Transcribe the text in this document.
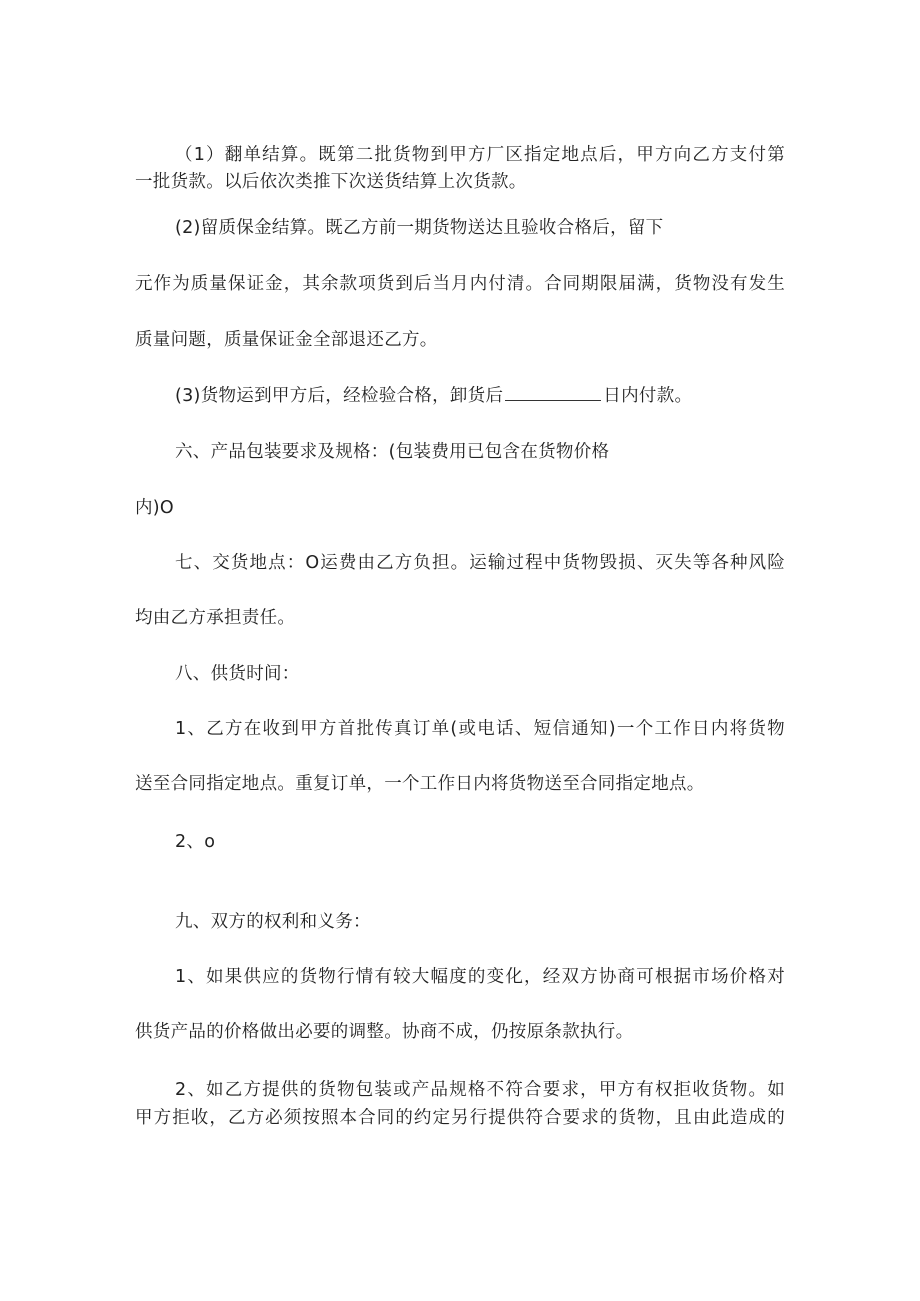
（1）翻单结算。既第二批货物到甲方厂区指定地点后，甲方向乙方支付第
一批货款。以后依次类推下次送货结算上次货款。
(2)留质保金结算。既乙方前一期货物送达且验收合格后，留下
元作为质量保证金，其余款项货到后当月内付清。合同期限届满，货物没有发生
质量问题，质量保证金全部退还乙方。
(3)货物运到甲方后，经检验合格，卸货后	日内付款。
六、产品包装要求及规格：(包装费用已包含在货物价格
内)O
七、交货地点：O运费由乙方负担。运输过程中货物毁损、灭失等各种风险
均由乙方承担责任。
八、供货时间：
1、乙方在收到甲方首批传真订单(或电话、短信通知)一个工作日内将货物
送至合同指定地点。重复订单，一个工作日内将货物送至合同指定地点。
2、o
九、双方的权利和义务：
1、如果供应的货物行情有较大幅度的变化，经双方协商可根据市场价格对
供货产品的价格做出必要的调整。协商不成，仍按原条款执行。
2、如乙方提供的货物包装或产品规格不符合要求，甲方有权拒收货物。如
甲方拒收，乙方必须按照本合同的约定另行提供符合要求的货物，且由此造成的
